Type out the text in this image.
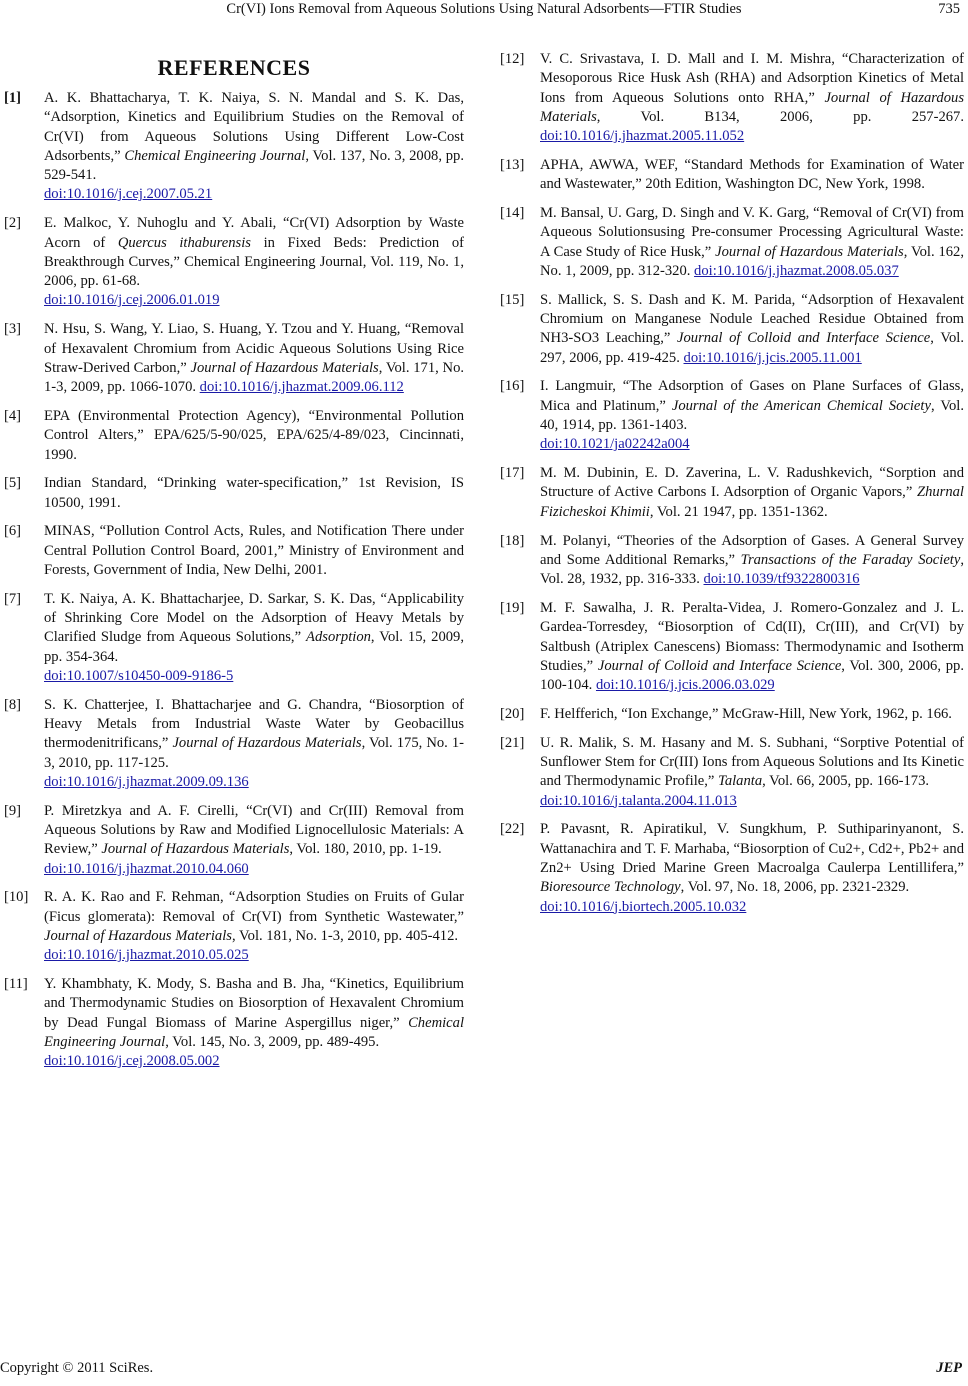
Cr(VI) Ions Removal from Aqueous Solutions Using Natural Adsorbents—FTIR Studies	735
REFERENCES
[1]	A. K. Bhattacharya, T. K. Naiya, S. N. Mandal and S. K. Das, “Adsorption, Kinetics and Equilibrium Studies on the Removal of Cr(VI) from Aqueous Solutions Using Different Low-Cost Adsorbents,” Chemical Engineering Journal, Vol. 137, No. 3, 2008, pp. 529-541.
doi:10.1016/j.cej.2007.05.21
[2]	E. Malkoc, Y. Nuhoglu and Y. Abali, “Cr(VI) Adsorption by Waste Acorn of Quercus ithaburensis in Fixed Beds: Prediction of Breakthrough Curves,” Chemical Engineering Journal, Vol. 119, No. 1, 2006, pp. 61-68.
doi:10.1016/j.cej.2006.01.019
[3]	N. Hsu, S. Wang, Y. Liao, S. Huang, Y. Tzou and Y. Huang, “Removal of Hexavalent Chromium from Acidic Aqueous Solutions Using Rice Straw-Derived Carbon,” Journal of Hazardous Materials, Vol. 171, No. 1-3, 2009, pp. 1066-1070. doi:10.1016/j.jhazmat.2009.06.112
[4]	EPA (Environmental Protection Agency), “Environmental Pollution Control Alters,” EPA/625/5-90/025, EPA/625/4-89/023, Cincinnati, 1990.
[5]	Indian Standard, “Drinking water-specification,” 1st Revision, IS 10500, 1991.
[6]	MINAS, “Pollution Control Acts, Rules, and Notification There under Central Pollution Control Board, 2001,” Ministry of Environment and Forests, Government of India, New Delhi, 2001.
[7]	T. K. Naiya, A. K. Bhattacharjee, D. Sarkar, S. K. Das, “Applicability of Shrinking Core Model on the Adsorption of Heavy Metals by Clarified Sludge from Aqueous Solutions,” Adsorption, Vol. 15, 2009, pp. 354-364.
doi:10.1007/s10450-009-9186-5
[8]	S. K. Chatterjee, I. Bhattacharjee and G. Chandra, “Biosorption of Heavy Metals from Industrial Waste Water by Geobacillus thermodenitrificans,” Journal of Hazardous Materials, Vol. 175, No. 1-3, 2010, pp. 117-125.
doi:10.1016/j.jhazmat.2009.09.136
[9]	P. Miretzkya and A. F. Cirelli, “Cr(VI) and Cr(III) Removal from Aqueous Solutions by Raw and Modified Lignocellulosic Materials: A Review,” Journal of Hazardous Materials, Vol. 180, 2010, pp. 1-19.
doi:10.1016/j.jhazmat.2010.04.060
[10]	R. A. K. Rao and F. Rehman, “Adsorption Studies on Fruits of Gular (Ficus glomerata): Removal of Cr(VI) from Synthetic Wastewater,” Journal of Hazardous Materials, Vol. 181, No. 1-3, 2010, pp. 405-412.
doi:10.1016/j.jhazmat.2010.05.025
[11]	Y. Khambhaty, K. Mody, S. Basha and B. Jha, “Kinetics, Equilibrium and Thermodynamic Studies on Biosorption of Hexavalent Chromium by Dead Fungal Biomass of Marine Aspergillus niger,” Chemical Engineering Journal, Vol. 145, No. 3, 2009, pp. 489-495.
doi:10.1016/j.cej.2008.05.002
[12]	V. C. Srivastava, I. D. Mall and I. M. Mishra, “Characterization of Mesoporous Rice Husk Ash (RHA) and Adsorption Kinetics of Metal Ions from Aqueous Solutions onto RHA,” Journal of Hazardous Materials, Vol. B134, 2006, pp. 257-267. doi:10.1016/j.jhazmat.2005.11.052
[13]	APHA, AWWA, WEF, “Standard Methods for Examination of Water and Wastewater,” 20th Edition, Washington DC, New York, 1998.
[14]	M. Bansal, U. Garg, D. Singh and V. K. Garg, “Removal of Cr(VI) from Aqueous Solutionsusing Pre-consumer Processing Agricultural Waste: A Case Study of Rice Husk,” Journal of Hazardous Materials, Vol. 162, No. 1, 2009, pp. 312-320. doi:10.1016/j.jhazmat.2008.05.037
[15]	S. Mallick, S. S. Dash and K. M. Parida, “Adsorption of Hexavalent Chromium on Manganese Nodule Leached Residue Obtained from NH3-SO3 Leaching,” Journal of Colloid and Interface Science, Vol. 297, 2006, pp. 419-425. doi:10.1016/j.jcis.2005.11.001
[16]	I. Langmuir, “The Adsorption of Gases on Plane Surfaces of Glass, Mica and Platinum,” Journal of the American Chemical Society, Vol. 40, 1914, pp. 1361-1403.
doi:10.1021/ja02242a004
[17]	M. M. Dubinin, E. D. Zaverina, L. V. Radushkevich, “Sorption and Structure of Active Carbons I. Adsorption of Organic Vapors,” Zhurnal Fizicheskoi Khimii, Vol. 21 1947, pp. 1351-1362.
[18]	M. Polanyi, “Theories of the Adsorption of Gases. A General Survey and Some Additional Remarks,” Transactions of the Faraday Society, Vol. 28, 1932, pp. 316-333. doi:10.1039/tf9322800316
[19]	M. F. Sawalha, J. R. Peralta-Videa, J. Romero-Gonzalez and J. L. Gardea-Torresdey, “Biosorption of Cd(II), Cr(III), and Cr(VI) by Saltbush (Atriplex Canescens) Biomass: Thermodynamic and Isotherm Studies,” Journal of Colloid and Interface Science, Vol. 300, 2006, pp. 100-104. doi:10.1016/j.jcis.2006.03.029
[20]	F. Helfferich, “Ion Exchange,” McGraw-Hill, New York, 1962, p. 166.
[21]	U. R. Malik, S. M. Hasany and M. S. Subhani, “Sorptive Potential of Sunflower Stem for Cr(III) Ions from Aqueous Solutions and Its Kinetic and Thermodynamic Profile,” Talanta, Vol. 66, 2005, pp. 166-173.
doi:10.1016/j.talanta.2004.11.013
[22]	P. Pavasnt, R. Apiratikul, V. Sungkhum, P. Suthiparinyanont, S. Wattanachira and T. F. Marhaba, “Biosorption of Cu2+, Cd2+, Pb2+ and Zn2+ Using Dried Marine Green Macroalga Caulerpa Lentillifera,” Bioresource Technology, Vol. 97, No. 18, 2006, pp. 2321-2329.
doi:10.1016/j.biortech.2005.10.032
Copyright © 2011 SciRes.	JEP
